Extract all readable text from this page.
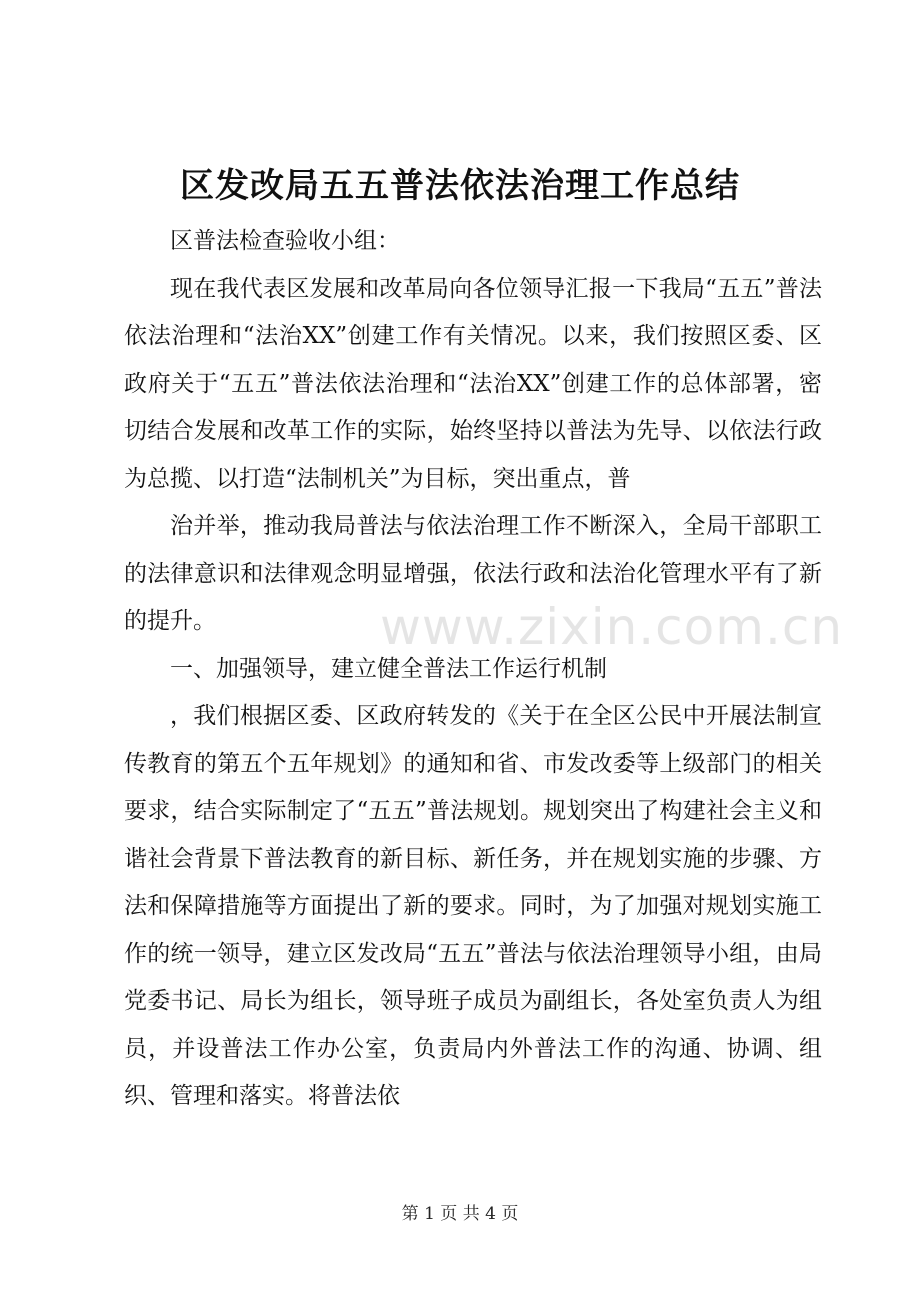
区发改局五五普法依法治理工作总结

区普法检查验收小组：

现在我代表区发展和改革局向各位领导汇报一下我局“五五”普法依法治理和“法治XX”创建工作有关情况。以来，我们按照区委、区政府关于“五五”普法依法治理和“法治XX”创建工作的总体部署，密切结合发展和改革工作的实际，始终坚持以普法为先导、以依法行政为总揽、以打造“法制机关”为目标，突出重点，普

治并举，推动我局普法与依法治理工作不断深入，全局干部职工的法律意识和法律观念明显增强，依法行政和法治化管理水平有了新的提升。

一、加强领导，建立健全普法工作运行机制

，我们根据区委、区政府转发的《关于在全区公民中开展法制宣传教育的第五个五年规划》的通知和省、市发改委等上级部门的相关要求，结合实际制定了“五五”普法规划。规划突出了构建社会主义和谐社会背景下普法教育的新目标、新任务，并在规划实施的步骤、方法和保障措施等方面提出了新的要求。同时，为了加强对规划实施工作的统一领导，建立区发改局“五五”普法与依法治理领导小组，由局党委书记、局长为组长，领导班子成员为副组长，各处室负责人为组员，并设普法工作办公室，负责局内外普法工作的沟通、协调、组织、管理和落实。将普法依

www.zixin.com.cn
第 1 页 共 4 页
